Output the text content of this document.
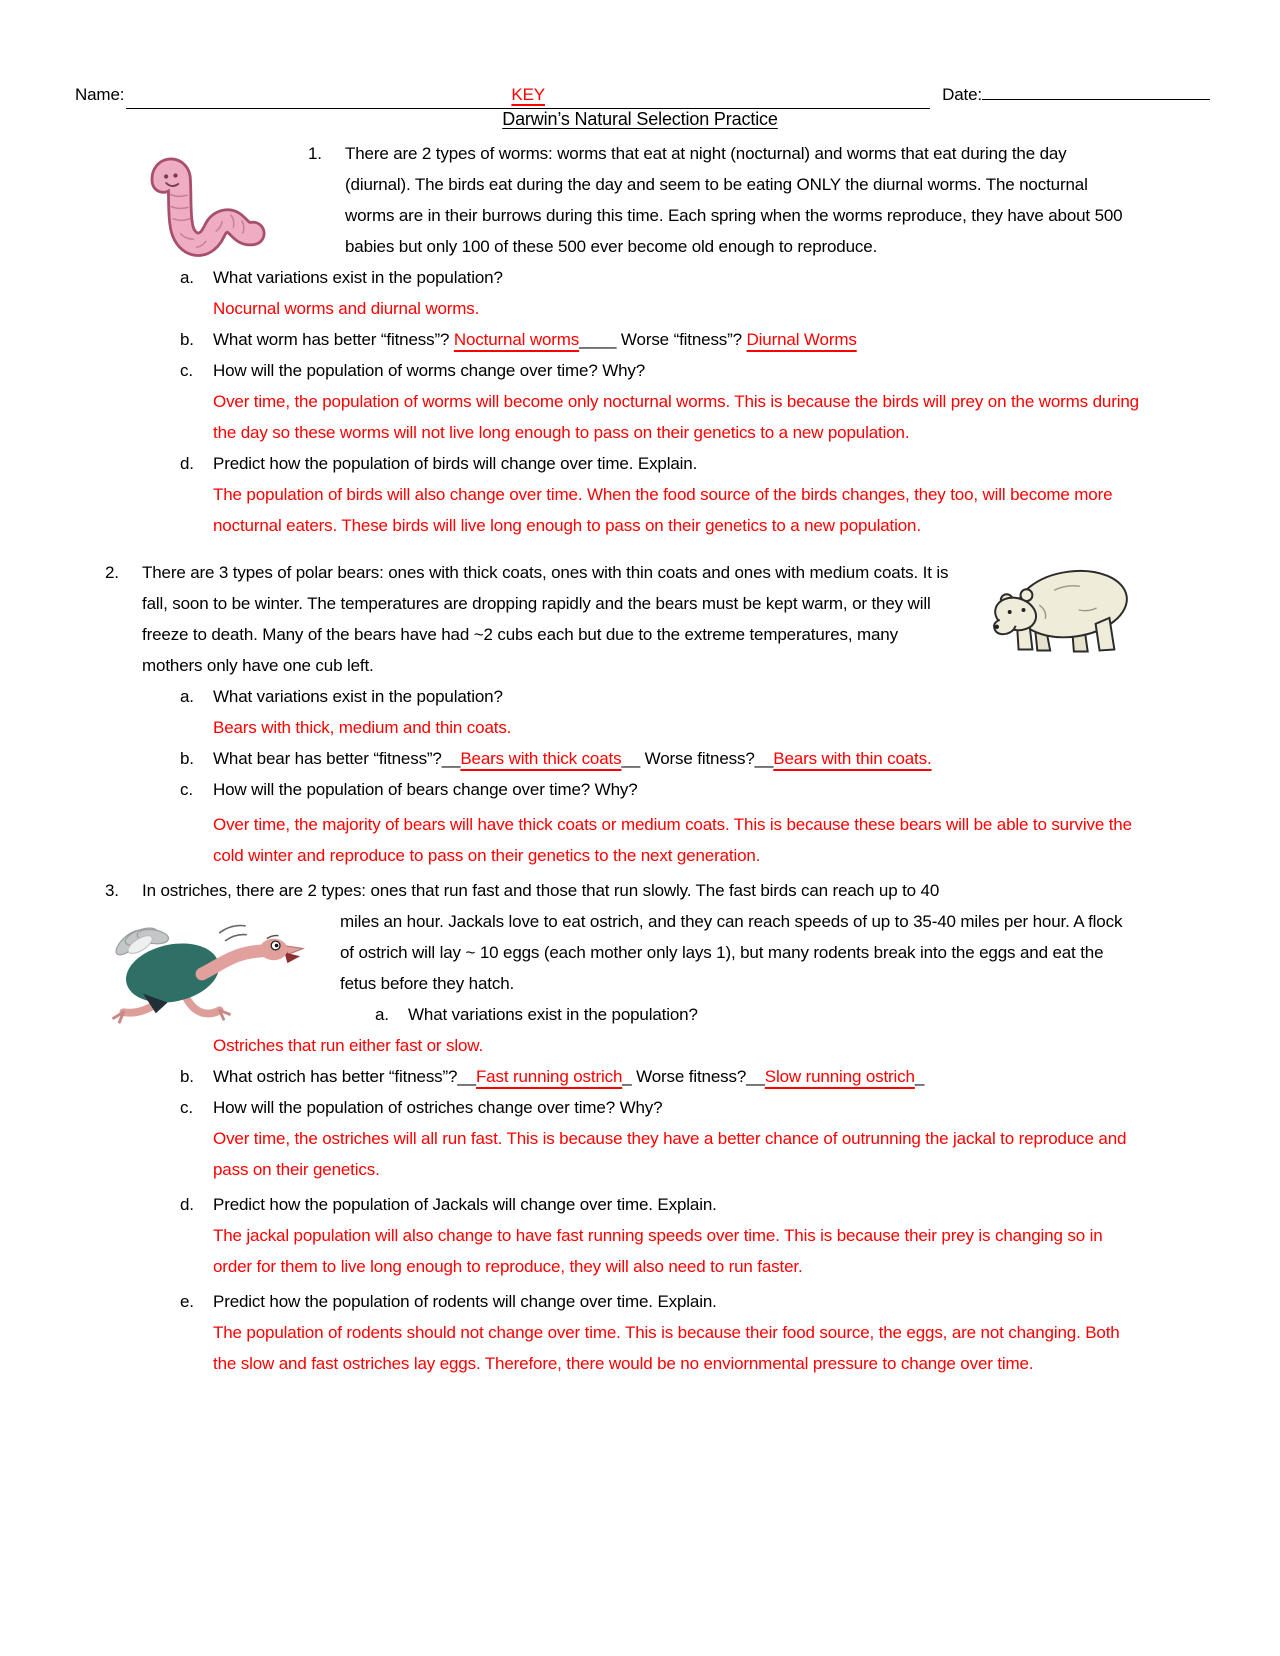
Name:	KEY	Date:
Darwin’s Natural Selection Practice
1.	There are 2 types of worms: worms that eat at night (nocturnal) and worms that eat during the day (diurnal). The birds eat during the day and seem to be eating ONLY the diurnal worms. The nocturnal worms are in their burrows during this time. Each spring when the worms reproduce, they have about 500 babies but only 100 of these 500 ever become old enough to reproduce.
a.	What variations exist in the population?
Nocurnal worms and diurnal worms.
b.	What worm has better “fitness”? Nocturnal worms____ Worse “fitness”? Diurnal Worms
c.	How will the population of worms change over time? Why?
Over time, the population of worms will become only nocturnal worms. This is because the birds will prey on the worms during the day so these worms will not live long enough to pass on their genetics to a new population.
d.	Predict how the population of birds will change over time. Explain.
The population of birds will also change over time. When the food source of the birds changes, they too, will become more nocturnal eaters. These birds will live long enough to pass on their genetics to a new population.
2.	There are 3 types of polar bears: ones with thick coats, ones with thin coats and ones with medium coats. It is fall, soon to be winter. The temperatures are dropping rapidly and the bears must be kept warm, or they will freeze to death. Many of the bears have had ~2 cubs each but due to the extreme temperatures, many mothers only have one cub left.
a.	What variations exist in the population?
Bears with thick, medium and thin coats.
b.	What bear has better “fitness”?__Bears with thick coats__ Worse fitness?__Bears with thin coats.
c.	How will the population of bears change over time? Why?
Over time, the majority of bears will have thick coats or medium coats. This is because these bears will be able to survive the cold winter and reproduce to pass on their genetics to the next generation.
3.	In ostriches, there are 2 types: ones that run fast and those that run slowly. The fast birds can reach up to 40
miles an hour. Jackals love to eat ostrich, and they can reach speeds of up to 35-40 miles per hour. A flock of ostrich will lay ~ 10 eggs (each mother only lays 1), but many rodents break into the eggs and eat the fetus before they hatch.
a.	What variations exist in the population?
Ostriches that run either fast or slow.
b.	What ostrich has better “fitness”?__Fast running ostrich_ Worse fitness?__Slow running ostrich_
c.	How will the population of ostriches change over time? Why?
Over time, the ostriches will all run fast. This is because they have a better chance of outrunning the jackal to reproduce and pass on their genetics.
d.	Predict how the population of Jackals will change over time. Explain.
The jackal population will also change to have fast running speeds over time. This is because their prey is changing so in order for them to live long enough to reproduce, they will also need to run faster.
e.	Predict how the population of rodents will change over time. Explain.
The population of rodents should not change over time. This is because their food source, the eggs, are not changing. Both the slow and fast ostriches lay eggs. Therefore, there would be no enviornmental pressure to change over time.
